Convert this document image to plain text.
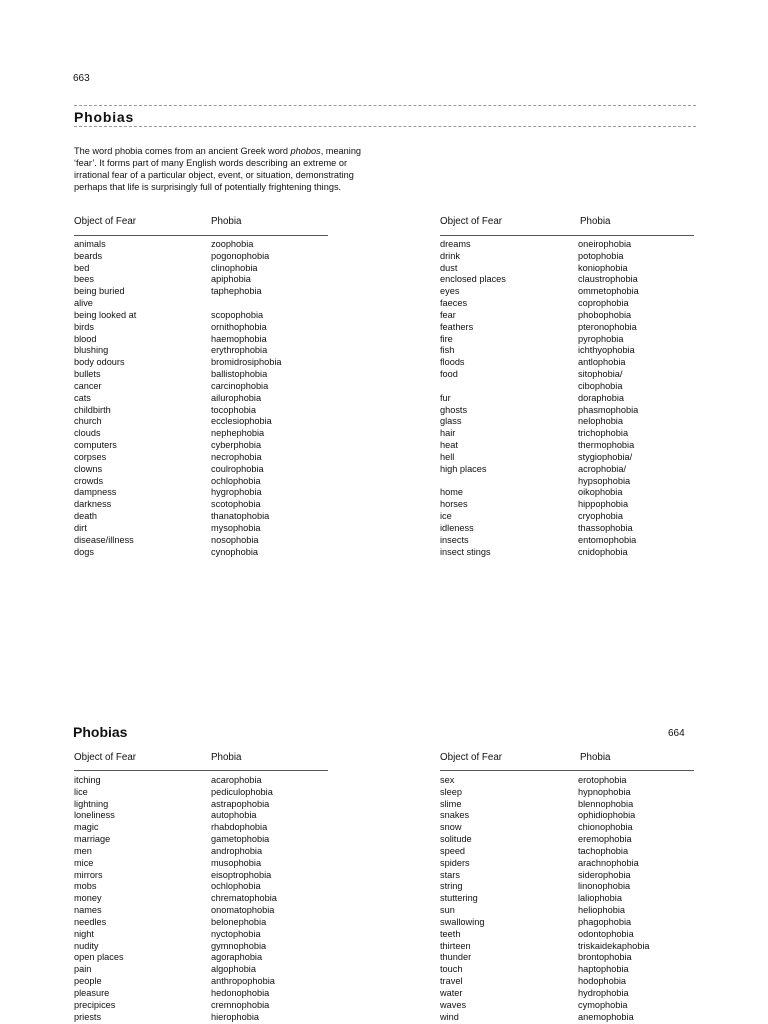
663
Phobias
The word phobia comes from an ancient Greek word phobos, meaning ‘fear’. It forms part of many English words describing an extreme or irrational fear of a particular object, event, or situation, demonstrating perhaps that life is surprisingly full of potentially frightening things.
Object of Fear	Phobia
animals	zoophobia
beards	pogonophobia
bed	clinophobia
bees	apiphobia
being buried	taphephobia
alive
being looked at	scopophobia
birds	ornithophobia
blood	haemophobia
blushing	erythrophobia
body odours	bromidrosiphobia
bullets	ballistophobia
cancer	carcinophobia
cats	ailurophobia
childbirth	tocophobia
church	ecclesiophobia
clouds	nephephobia
computers	cyberphobia
corpses	necrophobia
clowns	coulrophobia
crowds	ochlophobia
dampness	hygrophobia
darkness	scotophobia
death	thanatophobia
dirt	mysophobia
disease/illness	nosophobia
dogs	cynophobia
Object of Fear	Phobia
dreams	oneirophobia
drink	potophobia
dust	koniophobia
enclosed places	claustrophobia
eyes	ommetophobia
faeces	coprophobia
fear	phobophobia
feathers	pteronophobia
fire	pyrophobia
fish	ichthyophobia
floods	antlophobia
food	sitophobia/
cibophobia
fur	doraphobia
ghosts	phasmophobia
glass	nelophobia
hair	trichophobia
heat	thermophobia
hell	stygiophobia/
high places	acrophobia/
hypsophobia
home	oikophobia
horses	hippophobia
ice	cryophobia
idleness	thassophobia
insects	entomophobia
insect stings	cnidophobia
Phobias	664
Object of Fear	Phobia
itching	acarophobia
lice	pediculophobia
lightning	astrapophobia
loneliness	autophobia
magic	rhabdophobia
marriage	gametophobia
men	androphobia
mice	musophobia
mirrors	eisoptrophobia
mobs	ochlophobia
money	chrematophobia
names	onomatophobia
needles	belonephobia
night	nyctophobia
nudity	gymnophobia
open places	agoraphobia
pain	algophobia
people	anthropophobia
pleasure	hedonophobia
precipices	cremnophobia
priests	hierophobia
Object of Fear	Phobia
sex	erotophobia
sleep	hypnophobia
slime	blennophobia
snakes	ophidiophobia
snow	chionophobia
solitude	eremophobia
speed	tachophobia
spiders	arachnophobia
stars	siderophobia
string	linonophobia
stuttering	laliophobia
sun	heliophobia
swallowing	phagophobia
teeth	odontophobia
thirteen	triskaidekaphobia
thunder	brontophobia
touch	haptophobia
travel	hodophobia
water	hydrophobia
waves	cymophobia
wind	anemophobia
